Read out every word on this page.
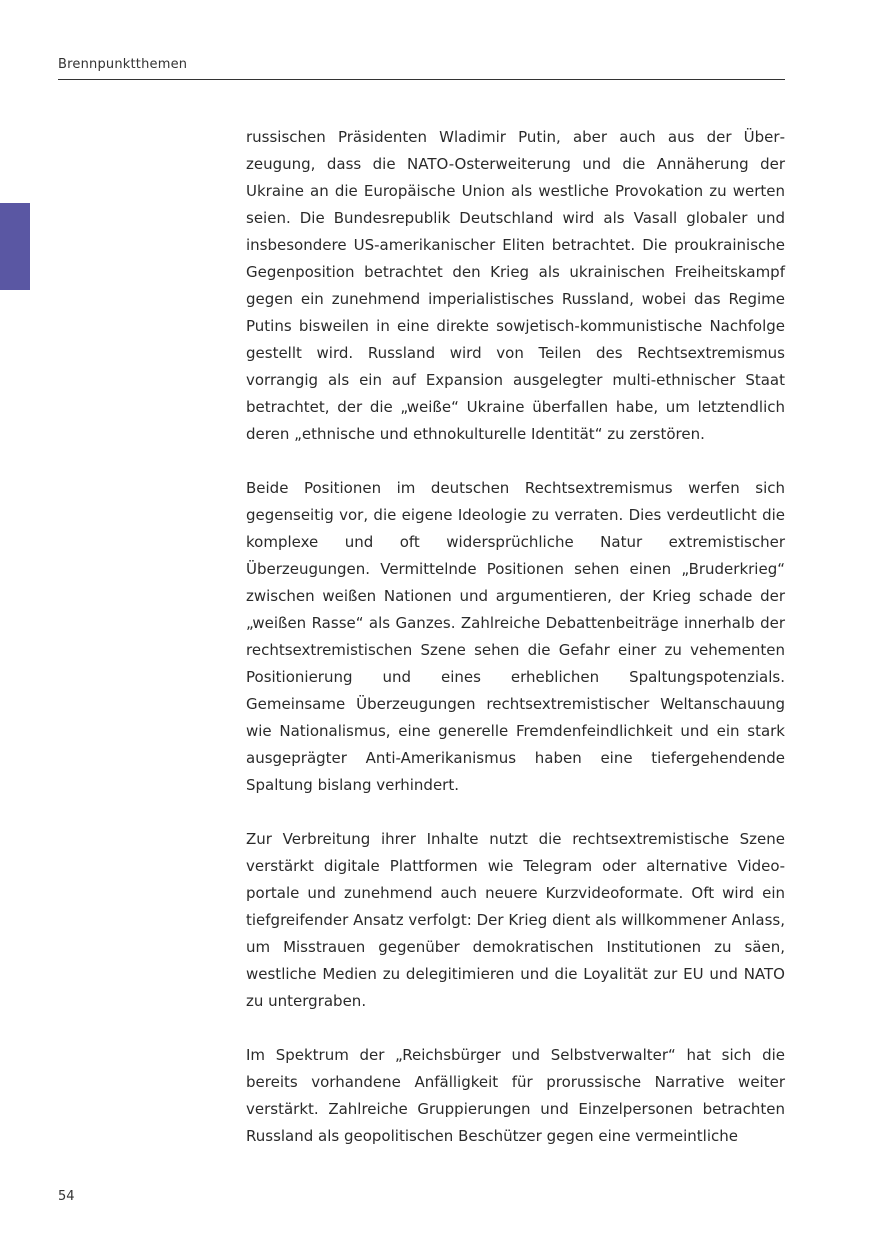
Brennpunktthemen

russischen Präsidenten Wladimir Putin, aber auch aus der Überzeugung, dass die NATO-Osterweiterung und die Annäherung der Ukraine an die Europäische Union als westliche Provokation zu werten seien. Die Bundesrepublik Deutschland wird als Vasall globaler und insbesondere US-amerikanischer Eliten betrachtet. Die proukrainische Gegenposition betrachtet den Krieg als ukrainischen Freiheitskampf gegen ein zunehmend imperialistisches Russland, wobei das Regime Putins bisweilen in eine direkte sowjetisch-kommunistische Nachfolge gestellt wird. Russland wird von Teilen des Rechtsextremismus vorrangig als ein auf Expansion ausgelegter multi-ethnischer Staat betrachtet, der die „weiße“ Ukraine überfallen habe, um letztendlich deren „ethnische und ethnokulturelle Identität“ zu zerstören.

Beide Positionen im deutschen Rechtsextremismus werfen sich gegenseitig vor, die eigene Ideologie zu verraten. Dies verdeutlicht die komplexe und oft widersprüchliche Natur extremistischer Überzeugungen. Vermittelnde Positionen sehen einen „Bruderkrieg“ zwischen weißen Nationen und argumentieren, der Krieg schade der „weißen Rasse“ als Ganzes. Zahlreiche Debattenbeiträge innerhalb der rechtsextremistischen Szene sehen die Gefahr einer zu vehementen Positionierung und eines erheblichen Spaltungspotenzials. Gemeinsame Überzeugungen rechtsextremistischer Weltanschauung wie Nationalismus, eine generelle Fremdenfeindlichkeit und ein stark ausgeprägter Anti-Amerikanismus haben eine tiefergehendende Spaltung bislang verhindert.

Zur Verbreitung ihrer Inhalte nutzt die rechtsextremistische Szene verstärkt digitale Plattformen wie Telegram oder alternative Videoportale und zunehmend auch neuere Kurzvideoformate. Oft wird ein tiefgreifender Ansatz verfolgt: Der Krieg dient als willkommener Anlass, um Misstrauen gegenüber demokratischen Institutionen zu säen, westliche Medien zu delegitimieren und die Loyalität zur EU und NATO zu untergraben.

Im Spektrum der „Reichsbürger und Selbstverwalter“ hat sich die bereits vorhandene Anfälligkeit für prorussische Narrative weiter verstärkt. Zahlreiche Gruppierungen und Einzelpersonen betrachten Russland als geopolitischen Beschützer gegen eine vermeintliche

54
